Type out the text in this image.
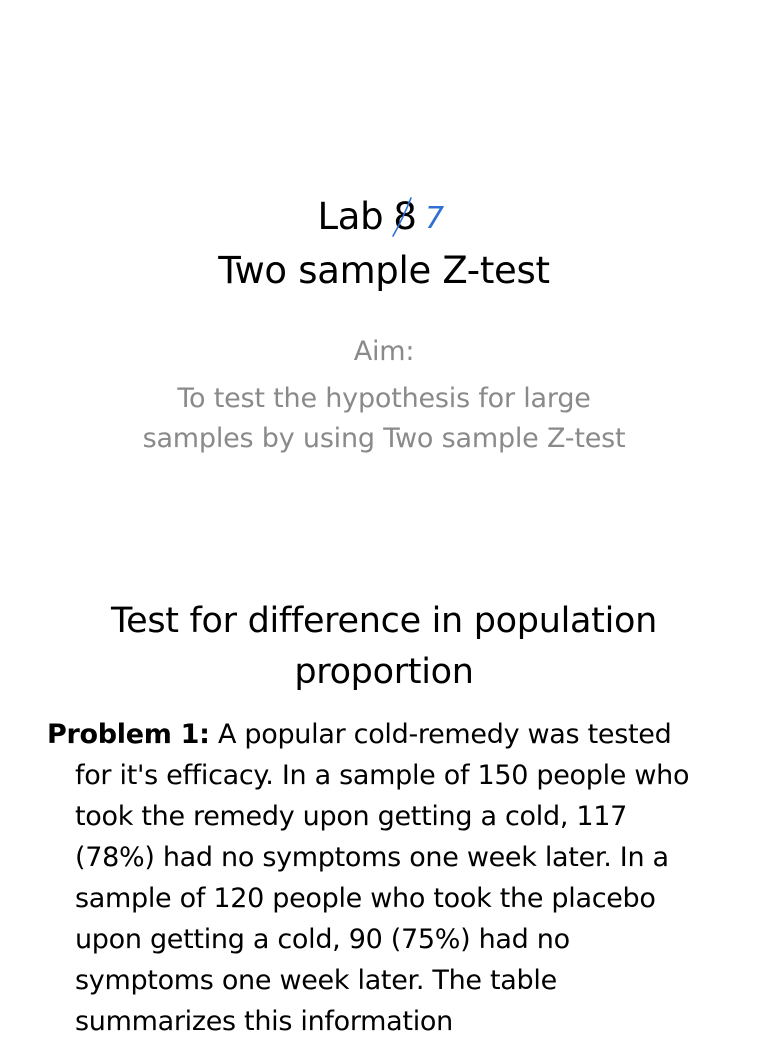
Lab 8 7
Two sample Z-test
Aim:
To test the hypothesis for large
samples by using Two sample Z-test
Test for difference in population
proportion
Problem 1: A popular cold-remedy was tested
for it's efficacy. In a sample of 150 people who
took the remedy upon getting a cold, 117
(78%) had no symptoms one week later. In a
sample of 120 people who took the placebo
upon getting a cold, 90 (75%) had no
symptoms one week later. The table
summarizes this information
